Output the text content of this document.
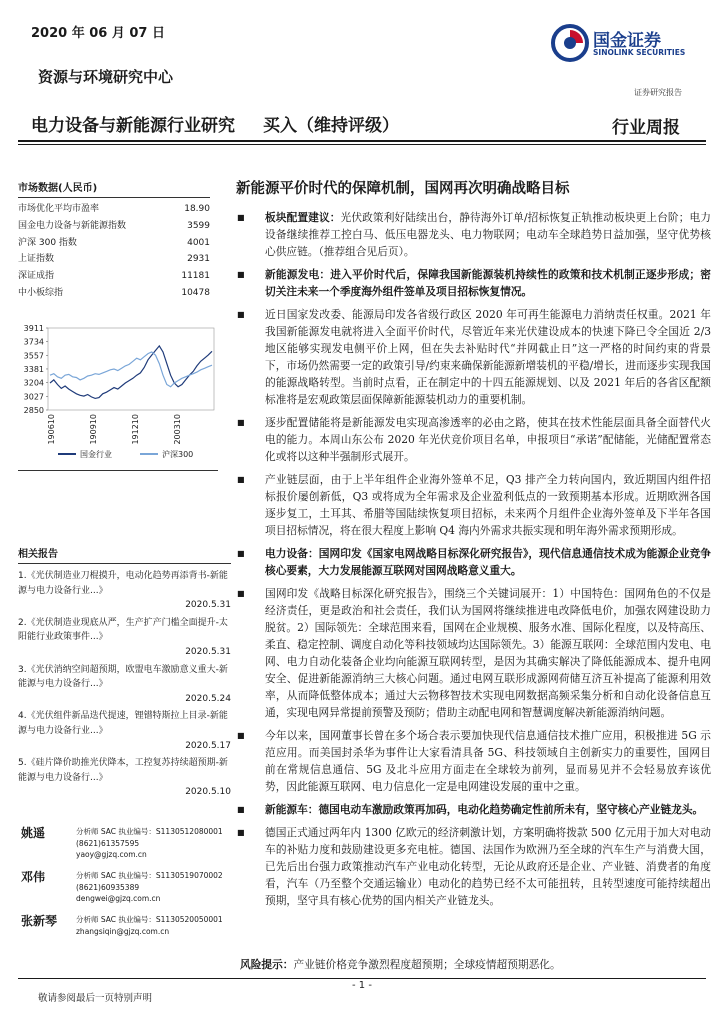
2020 年 06 月 07 日
资源与环境研究中心
国金证券
SINOLINK SECURITIES
证券研究报告
电力设备与新能源行业研究 买入（维持评级）	行业周报
市场数据(人民币)
市场优化平均市盈率	18.90
国金电力设备与新能源指数	3599
沪深 300 指数	4001
上证指数	2931
深证成指	11181
中小板综指	10478
3911
3734
3557
3381
3204
3027
2850
190610	190910	191210	200310
国金行业	沪深300
相关报告
1.《光伏制造业刀棍摸升，电动化趋势再添背书-新能源与电力设备行业...》
2020.5.31
2.《光伏制造业现底从严，生产扩产门槛全面提升-太阳能行业政策事件...》
2020.5.31
3.《光伏消纳空间超预期，欧盟电车激励意义重大-新能源与电力设备行...》
2020.5.24
4.《光伏组件新品迭代提速，锂镨特斯拉上目录-新能源与电力设备行业...》
2020.5.17
5.《硅片降价助推光伏降本，工控复苏持续超预期-新能源与电力设备行...》
2020.5.10
姚遥	分析师 SAC 执业编号：S1130512080001
(8621)61357595
yaoy@gjzq.com.cn
邓伟	分析师 SAC 执业编号：S1130519070002
(8621)60935389
dengwei@gjzq.com.cn
张新琴	分析师 SAC 执业编号：S1130520050001
zhangsiqin@gjzq.com.cn
新能源平价时代的保障机制，国网再次明确战略目标
■	板块配置建议：光伏政策利好陆续出台，静待海外订单/招标恢复正轨推动板块更上台阶；电力设备继续推荐工控白马、低压电器龙头、电力物联网；电动车全球趋势日益加强，坚守优势核心供应链。（推荐组合见后页）。
■	新能源发电：进入平价时代后，保障我国新能源装机持续性的政策和技术机制正逐步形成；密切关注未来一个季度海外组件签单及项目招标恢复情况。
■	近日国家发改委、能源局印发各省级行政区 2020 年可再生能源电力消纳责任权重。2021 年我国新能源发电就将进入全面平价时代，尽管近年来光伏建设成本的快速下降已令全国近 2/3 地区能够实现发电侧平价上网，但在失去补贴时代“并网截止日”这一严格的时间约束的背景下，市场仍然需要一定的政策引导/约束来确保新能源新增装机的平稳/增长，进而逐步实现我国的能源战略转型。当前时点看，正在制定中的十四五能源规划、以及 2021 年后的各省区配额标准将是宏观政策层面保障新能源装机动力的重要机制。
■	逐步配置储能将是新能源发电实现高渗透率的必由之路，使其在技术性能层面具备全面替代火电的能力。本周山东公布 2020 年光伏竞价项目名单，申报项目“承诺”配储能，光储配置常态化或将以这种半强制形式展开。
■	产业链层面，由于上半年组件企业海外签单不足，Q3 排产全力转向国内，致近期国内组件招标报价屡创新低，Q3 或将成为全年需求及企业盈利低点的一致预期基本形成。近期欧洲各国逐步复工，土耳其、希腊等国陆续恢复项目招标，未来两个月组件企业海外签单及下半年各国项目招标情况，将在很大程度上影响 Q4 海内外需求共振实现和明年海外需求预期形成。
■	电力设备：国网印发《国家电网战略目标深化研究报告》，现代信息通信技术成为能源企业竞争核心要素，大力发展能源互联网对国网战略意义重大。
■	国网印发《战略目标深化研究报告》，围绕三个关键词展开：1）中国特色：国网角色的不仅是经济责任，更是政治和社会责任，我们认为国网将继续推进电改降低电价，加强农网建设助力脱贫。2）国际领先：全球范围来看，国网在企业规模、服务水准、国际化程度，以及特高压、柔直、稳定控制、调度自动化等科技领域均达国际领先。3）能源互联网：全球范围内发电、电网、电力自动化装备企业均向能源互联网转型，是因为其确实解决了降低能源成本、提升电网安全、促进新能源消纳三大核心问题。通过电网互联形成源网荷储互济互补提高了能源利用效率，从而降低整体成本；通过大云物移智技术实现电网数据高频采集分析和自动化设备信息互通，实现电网异常提前预警及预防；借助主动配电网和智慧调度解决新能源消纳问题。
■	今年以来，国网董事长曾在多个场合表示要加快现代信息通信技术推广应用，积极推进 5G 示范应用。而美国封杀华为事件让大家看清具备 5G、科技领域自主创新实力的重要性，国网目前在常规信息通信、5G 及北斗应用方面走在全球较为前列，显而易见并不会轻易放弃该优势，因此能源互联网、电力信息化一定是电网建设发展的重中之重。
■	新能源车：德国电动车激励政策再加码，电动化趋势确定性前所未有，坚守核心产业链龙头。
■	德国正式通过两年内 1300 亿欧元的经济刺激计划，方案明确将拨款 500 亿元用于加大对电动车的补贴力度和鼓励建设更多充电桩。德国、法国作为欧洲乃至全球的汽车生产与消费大国，已先后出台强力政策推动汽车产业电动化转型，无论从政府还是企业、产业链、消费者的角度看，汽车（乃至整个交通运输业）电动化的趋势已经不太可能扭转，且转型速度可能持续超出预期，坚守具有核心优势的国内相关产业链龙头。
风险提示：产业链价格竞争激烈程度超预期；全球疫情超预期恶化。
- 1 -
敬请参阅最后一页特别声明
